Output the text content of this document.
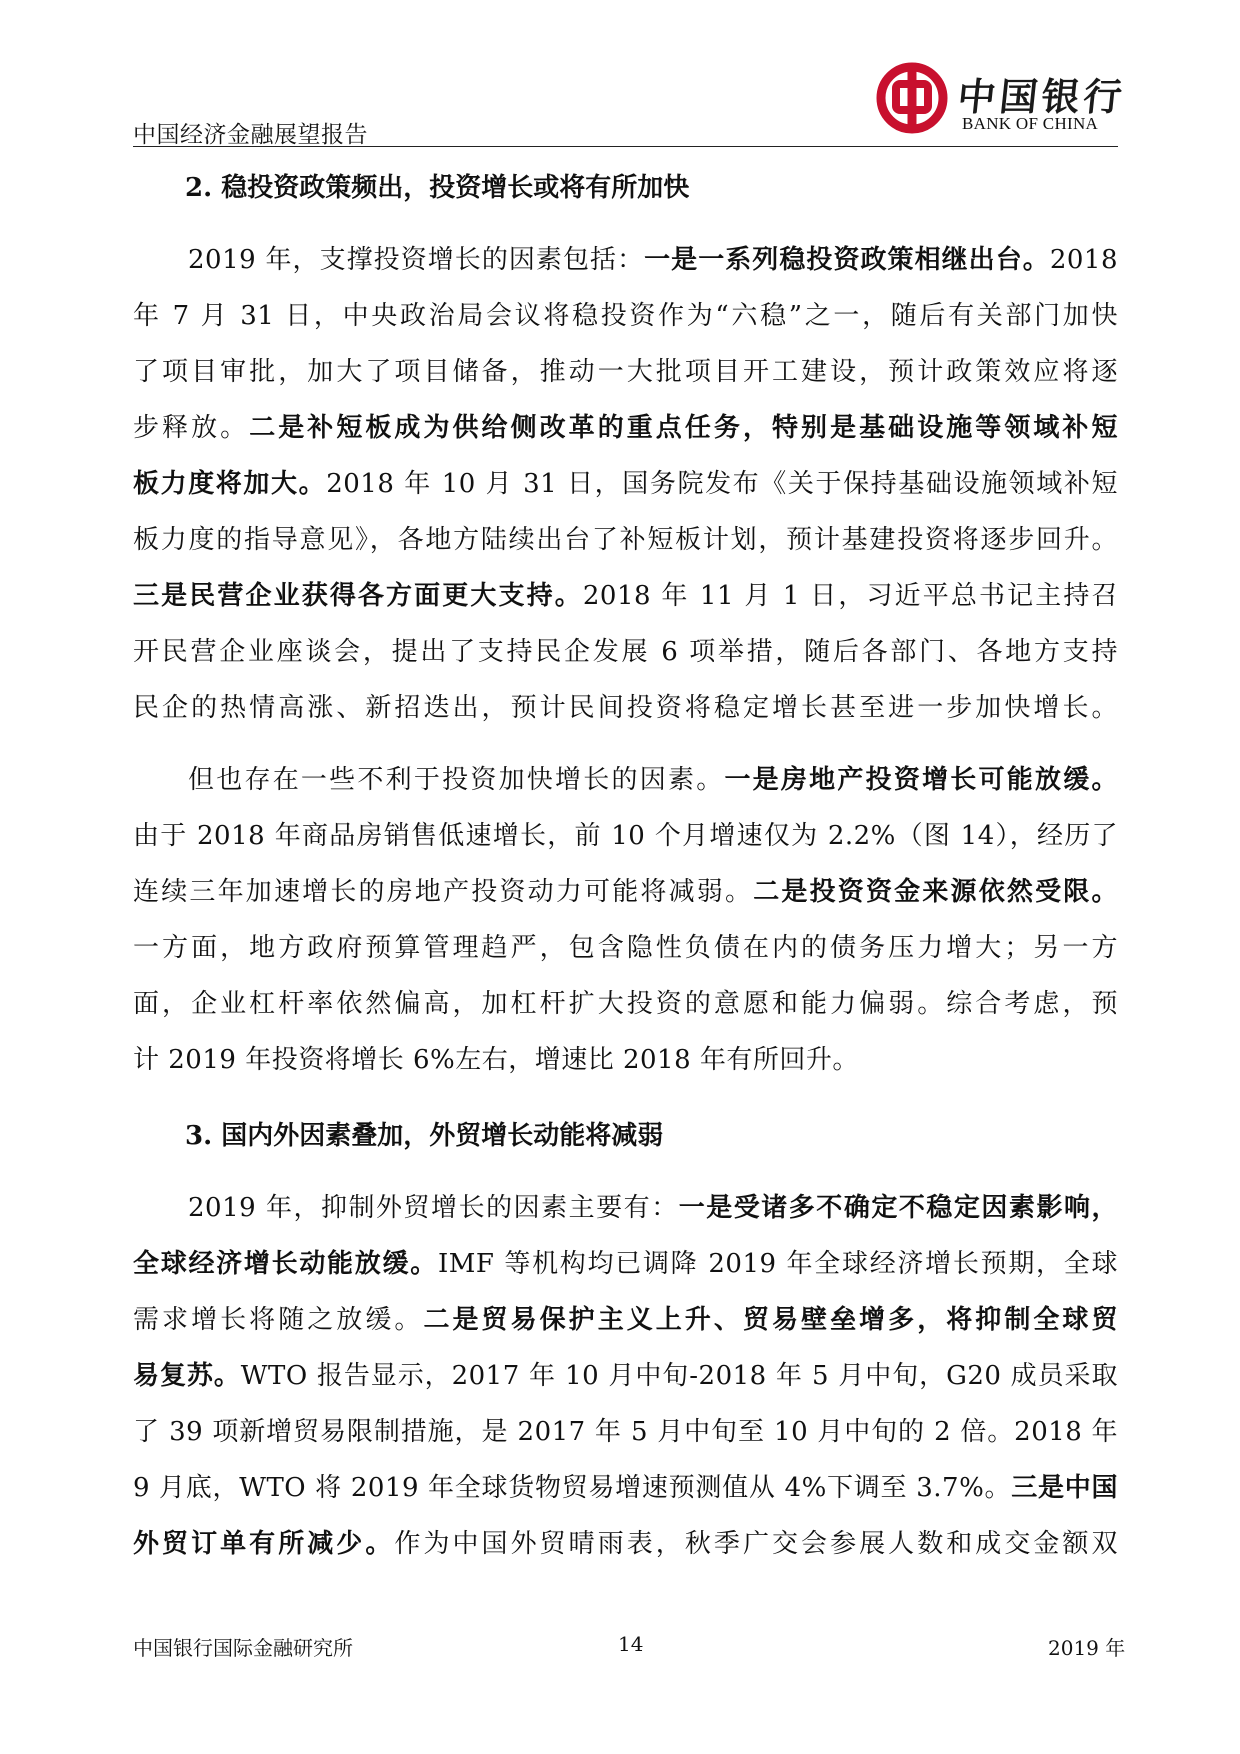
中国经济金融展望报告
中国银行
BANK OF CHINA
2. 稳投资政策频出，投资增长或将有所加快
2019 年，支撑投资增长的因素包括：一是一系列稳投资政策相继出台。2018
年 7 月 31 日，中央政治局会议将稳投资作为“六稳”之一，随后有关部门加快
了项目审批，加大了项目储备，推动一大批项目开工建设，预计政策效应将逐
步释放。二是补短板成为供给侧改革的重点任务，特别是基础设施等领域补短
板力度将加大。2018 年 10 月 31 日，国务院发布《关于保持基础设施领域补短
板力度的指导意见》，各地方陆续出台了补短板计划，预计基建投资将逐步回升。
三是民营企业获得各方面更大支持。2018 年 11 月 1 日，习近平总书记主持召
开民营企业座谈会，提出了支持民企发展 6 项举措，随后各部门、各地方支持
民企的热情高涨、新招迭出，预计民间投资将稳定增长甚至进一步加快增长。
但也存在一些不利于投资加快增长的因素。一是房地产投资增长可能放缓。
由于 2018 年商品房销售低速增长，前 10 个月增速仅为 2.2%（图 14），经历了
连续三年加速增长的房地产投资动力可能将减弱。二是投资资金来源依然受限。
一方面，地方政府预算管理趋严，包含隐性负债在内的债务压力增大；另一方
面，企业杠杆率依然偏高，加杠杆扩大投资的意愿和能力偏弱。综合考虑，预
计 2019 年投资将增长 6%左右，增速比 2018 年有所回升。
3. 国内外因素叠加，外贸增长动能将减弱
2019 年，抑制外贸增长的因素主要有：一是受诸多不确定不稳定因素影响，
全球经济增长动能放缓。IMF 等机构均已调降 2019 年全球经济增长预期，全球
需求增长将随之放缓。二是贸易保护主义上升、贸易壁垒增多，将抑制全球贸
易复苏。WTO 报告显示，2017 年 10 月中旬-2018 年 5 月中旬，G20 成员采取
了 39 项新增贸易限制措施，是 2017 年 5 月中旬至 10 月中旬的 2 倍。2018 年
9 月底，WTO 将 2019 年全球货物贸易增速预测值从 4%下调至 3.7%。三是中国
外贸订单有所减少。作为中国外贸晴雨表，秋季广交会参展人数和成交金额双
中国银行国际金融研究所	14	2019 年
